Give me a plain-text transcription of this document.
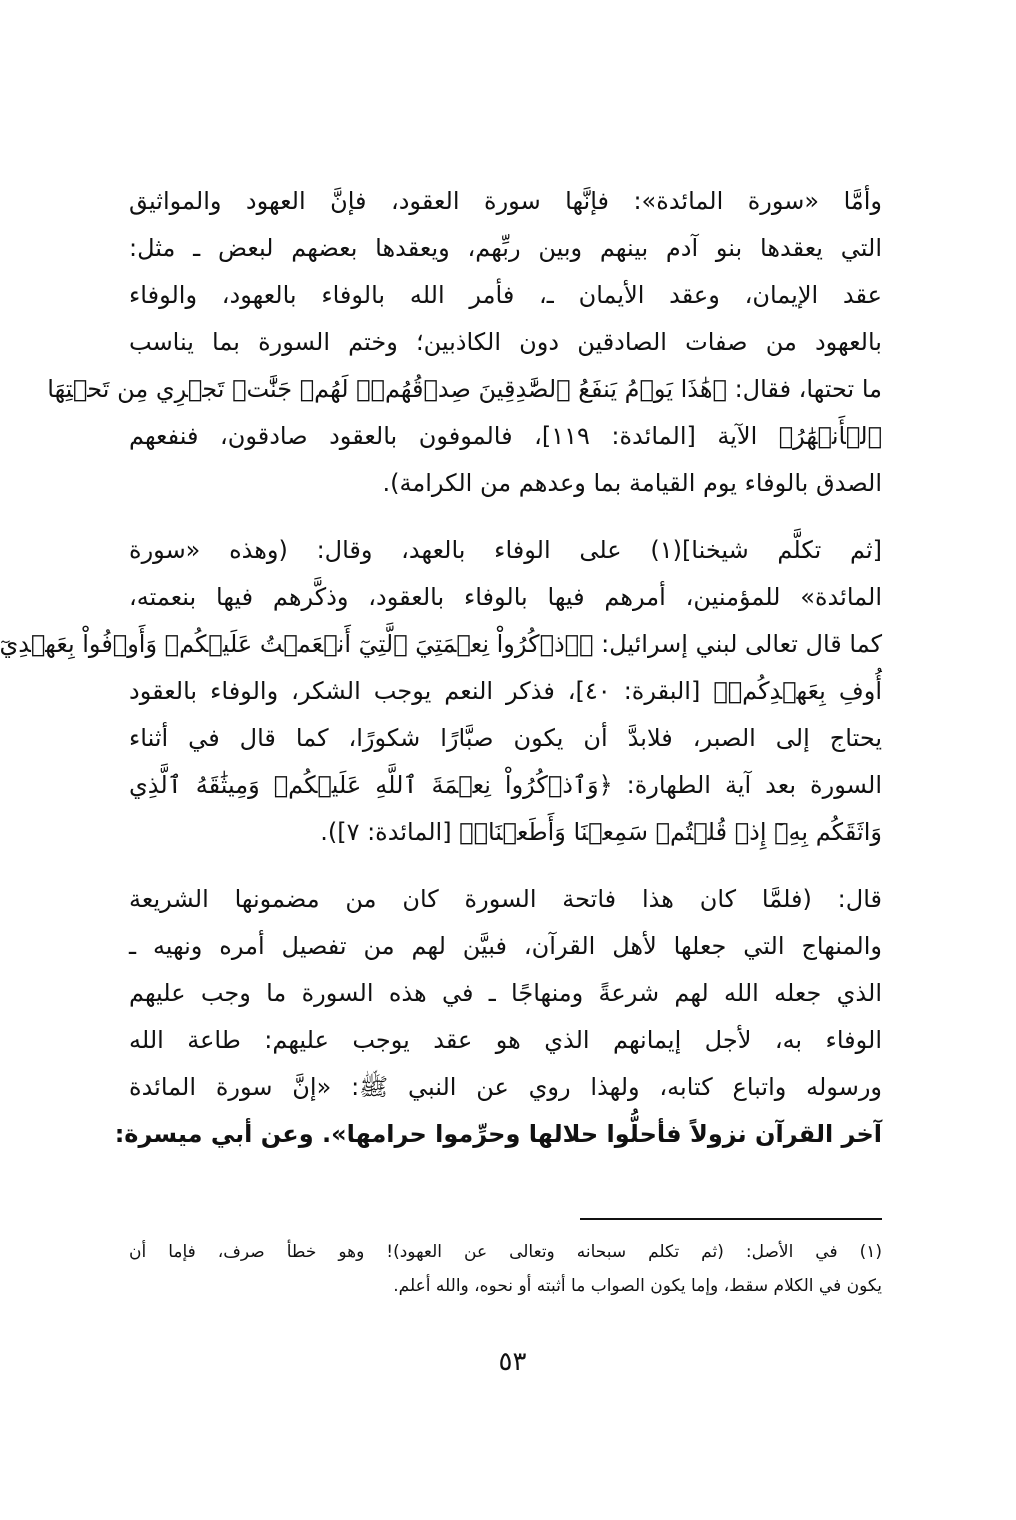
وأمَّا «سورة المائدة»: فإنَّها سورة العقود، فإنَّ العهود والمواثيق
التي يعقدها بنو آدم بينهم وبين ربِّهم، ويعقدها بعضهم لبعض ـ مثل:
عقد الإيمان، وعقد الأيمان ـ، فأمر الله بالوفاء بالعهود، والوفاء
بالعهود من صفات الصادقين دون الكاذبين؛ وختم السورة بما يناسب
ما تحتها، فقال: ﴿هَٰذَا يَوۡمُ يَنفَعُ ٱلصَّٰدِقِينَ صِدۡقُهُمۡۚ لَهُمۡ جَنَّٰتٞ تَجۡرِي مِن تَحۡتِهَا
ٱلۡأَنۡهَٰرُ﴾ الآية [المائدة: ١١٩]، فالموفون بالعقود صادقون، فنفعهم
الصدق بالوفاء يوم القيامة بما وعدهم من الكرامة).
[ثم تكلَّم شيخنا](١) على الوفاء بالعهد، وقال: (وهذه «سورة
المائدة» للمؤمنين، أمرهم فيها بالوفاء بالعقود، وذكَّرهم فيها بنعمته،
كما قال تعالى لبني إسرائيل: ﴿ٱذۡكُرُواْ نِعۡمَتِيَ ٱلَّتِيٓ أَنۡعَمۡتُ عَلَيۡكُمۡ وَأَوۡفُواْ بِعَهۡدِيٓ
أُوفِ بِعَهۡدِكُمۡ﴾ [البقرة: ٤٠]، فذكر النعم يوجب الشكر، والوفاء بالعقود
يحتاج إلى الصبر، فلابدَّ أن يكون صبَّارًا شكورًا، كما قال في أثناء
السورة بعد آية الطهارة: ﴿وَٱذۡكُرُواْ نِعۡمَةَ ٱللَّهِ عَلَيۡكُمۡ وَمِيثَٰقَهُ ٱلَّذِي
وَاثَقَكُم بِهِۦٓ إِذۡ قُلۡتُمۡ سَمِعۡنَا وَأَطَعۡنَاۖ﴾ [المائدة: ٧]).
قال: (فلمَّا كان هذا فاتحة السورة كان من مضمونها الشريعة
والمنهاج التي جعلها لأهل القرآن، فبيَّن لهم من تفصيل أمره ونهيه ـ
الذي جعله الله لهم شرعةً ومنهاجًا ـ في هذه السورة ما وجب عليهم
الوفاء به، لأجل إيمانهم الذي هو عقد يوجب عليهم: طاعة الله
ورسوله واتباع كتابه، ولهذا روي عن النبي ﷺ: «إنَّ سورة المائدة
آخر القرآن نزولاً فأحلُّوا حلالها وحرِّموا حرامها». وعن أبي ميسرة:
(١) في الأصل: (ثم تكلم سبحانه وتعالى عن العهود)! وهو خطأ صرف، فإما أن
يكون في الكلام سقط، وإما يكون الصواب ما أثبته أو نحوه، والله أعلم.
٥٣
